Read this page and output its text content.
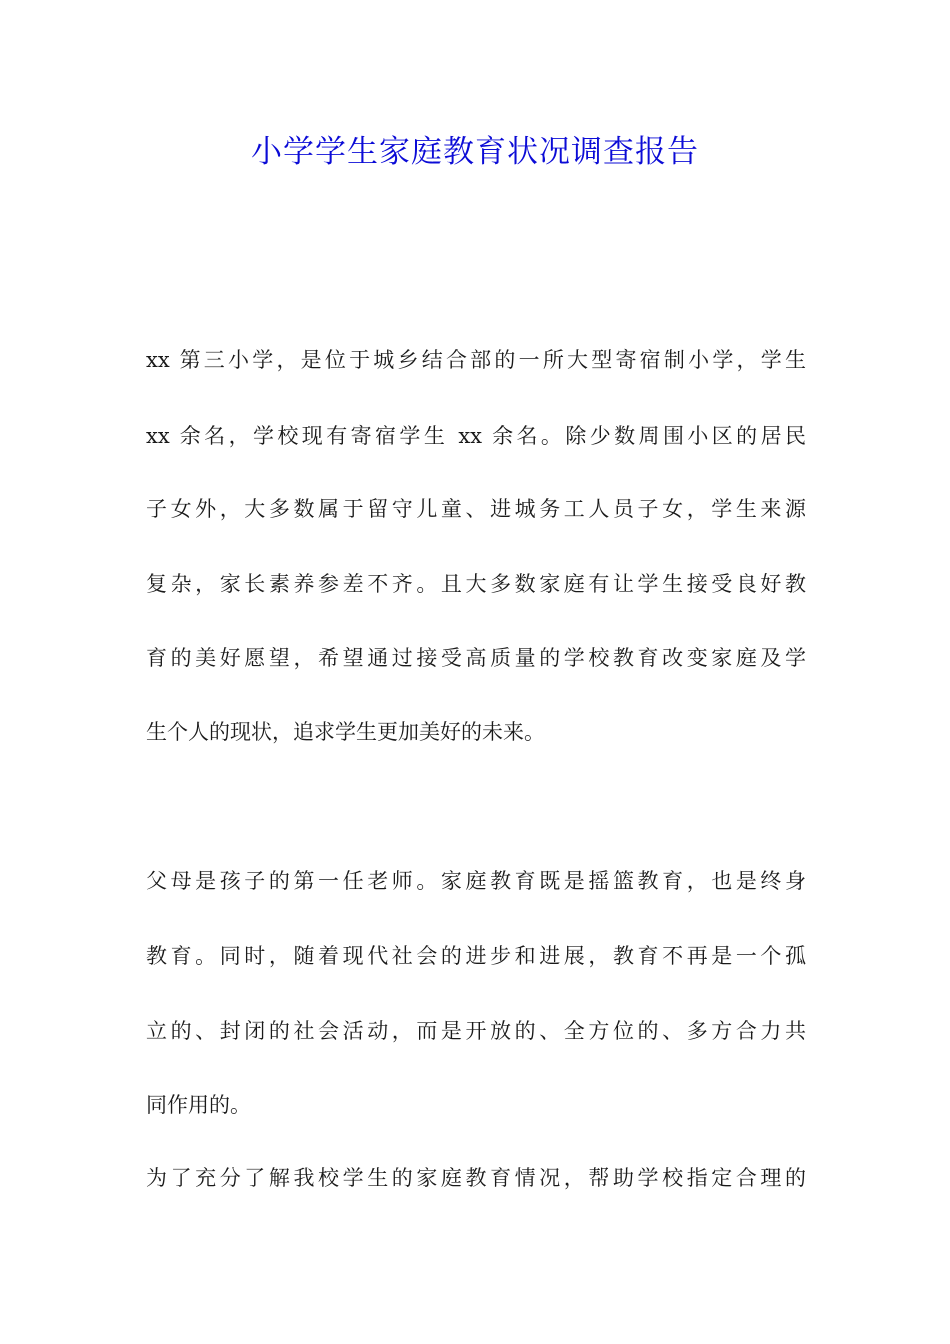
小学学生家庭教育状况调查报告
xx 第三小学，是位于城乡结合部的一所大型寄宿制小学，学生
xx 余名，学校现有寄宿学生 xx 余名。除少数周围小区的居民
子女外，大多数属于留守儿童、进城务工人员子女，学生来源
复杂，家长素养参差不齐。且大多数家庭有让学生接受良好教
育的美好愿望，希望通过接受高质量的学校教育改变家庭及学
生个人的现状，追求学生更加美好的未来。
父母是孩子的第一任老师。家庭教育既是摇篮教育，也是终身
教育。同时，随着现代社会的进步和进展，教育不再是一个孤
立的、封闭的社会活动，而是开放的、全方位的、多方合力共
同作用的。
为了充分了解我校学生的家庭教育情况，帮助学校指定合理的
